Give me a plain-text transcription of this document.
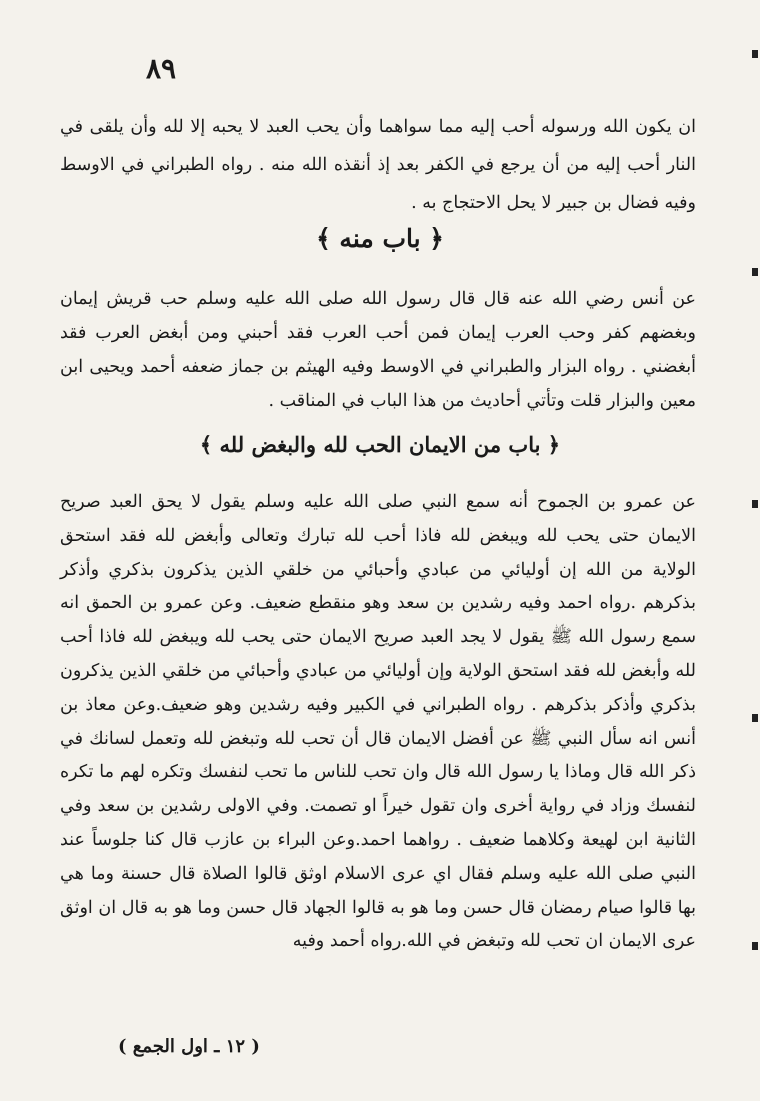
٨٩

ان يكون الله ورسوله أحب إليه مما سواهما وأن يحب العبد لا يحبه إلا لله وأن يلقى في النار أحب إليه من أن يرجع في الكفر بعد إذ أنقذه الله منه . رواه الطبراني في الاوسط وفيه فضال بن جبير لا يحل الاحتجاج به .

﴿ باب منه ﴾

عن أنس رضي الله عنه قال قال رسول الله صلى الله عليه وسلم حب قريش إيمان وبغضهم كفر وحب العرب إيمان فمن أحب العرب فقد أحبني ومن أبغض العرب فقد أبغضني . رواه البزار والطبراني في الاوسط وفيه الهيثم بن جماز ضعفه أحمد ويحيى ابن معين والبزار قلت وتأتي أحاديث من هذا الباب في المناقب .

﴿ باب من الايمان الحب لله والبغض لله ﴾

عن عمرو بن الجموح أنه سمع النبي صلى الله عليه وسلم يقول لا يحق العبد صريح الايمان حتى يحب لله ويبغض لله فاذا أحب لله تبارك وتعالى وأبغض لله فقد استحق الولاية من الله إن أوليائي من عبادي وأحبائي من خلقي الذين يذكرون بذكري وأذكر بذكرهم .رواه احمد وفيه رشدين بن سعد وهو منقطع ضعيف. وعن عمرو بن الحمق انه سمع رسول الله ﷺ يقول لا يجد العبد صريح الايمان حتى يحب لله ويبغض لله فاذا أحب لله وأبغض لله فقد استحق الولاية وإن أوليائي من عبادي وأحبائي من خلقي الذين يذكرون بذكري وأذكر بذكرهم . رواه الطبراني في الكبير وفيه رشدين وهو ضعيف.وعن معاذ بن أنس انه سأل النبي ﷺ عن أفضل الايمان قال أن تحب لله وتبغض لله وتعمل لسانك في ذكر الله قال وماذا يا رسول الله قال وان تحب للناس ما تحب لنفسك وتكره لهم ما تكره لنفسك وزاد في رواية أخرى وان تقول خيراً او تصمت. وفي الاولى رشدين بن سعد وفي الثانية ابن لهيعة وكلاهما ضعيف . رواهما احمد.وعن البراء بن عازب قال كنا جلوساً عند النبي صلى الله عليه وسلم فقال اي عرى الاسلام اوثق قالوا الصلاة قال حسنة وما هي بها قالوا صيام رمضان قال حسن وما هو به قالوا الجهاد قال حسن وما هو به قال ان اوثق عرى الايمان ان تحب لله وتبغض في الله.رواه أحمد وفيه

( ١٢ ـ اول الجمع )
